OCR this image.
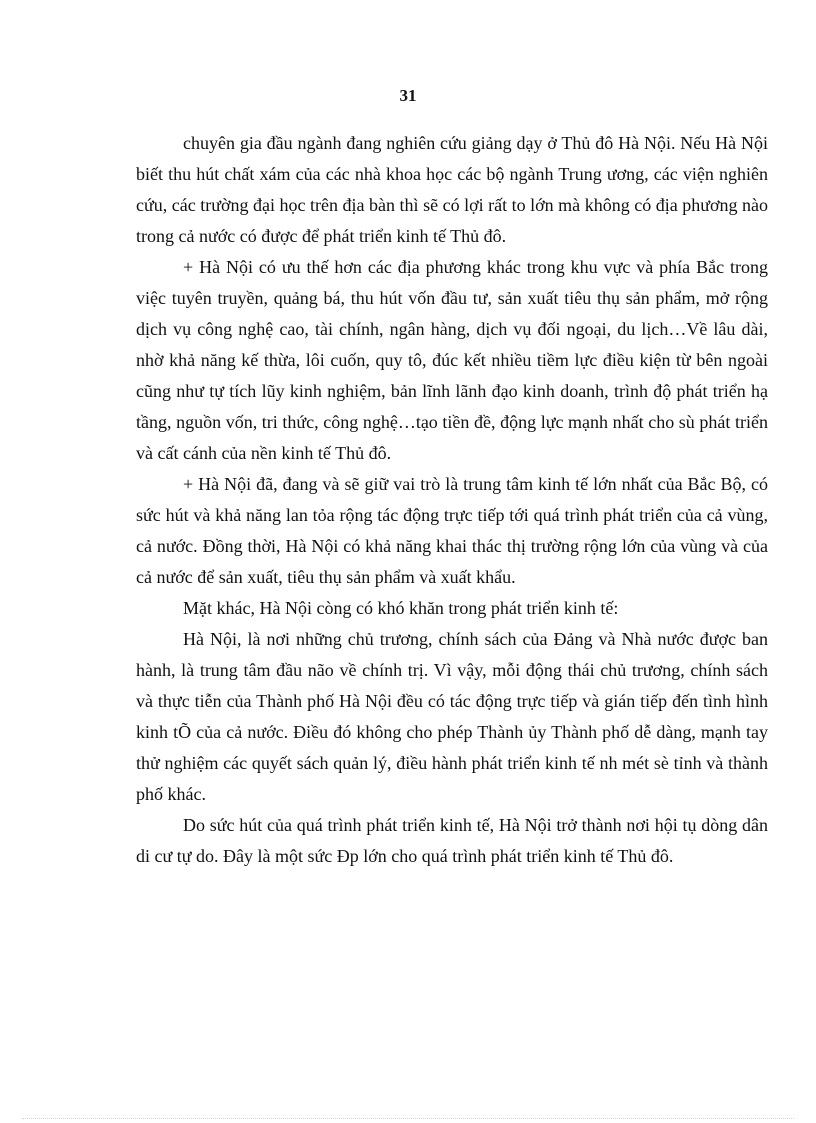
31

chuyên gia đầu ngành đang nghiên cứu giảng dạy ở Thủ đô Hà Nội. Nếu Hà Nội biết thu hút chất xám của các nhà khoa học các bộ ngành Trung ương, các viện nghiên cứu, các trường đại học trên địa bàn thì sẽ có lợi rất to lớn mà không có địa phương nào trong cả nước có được để phát triển kinh tế Thủ đô.

+ Hà Nội có ưu thế hơn các địa phương khác trong khu vực và phía Bắc trong việc tuyên truyền, quảng bá, thu hút vốn đầu tư, sản xuất tiêu thụ sản phẩm, mở rộng dịch vụ công nghệ cao, tài chính, ngân hàng, dịch vụ đối ngoại, du lịch…Về lâu dài, nhờ khả năng kế thừa, lôi cuốn, quy tô, đúc kết nhiều tiềm lực điều kiện từ bên ngoài cũng như tự tích lũy kinh nghiệm, bản lĩnh lãnh đạo kinh doanh, trình độ phát triển hạ tầng, nguồn vốn, tri thức, công nghệ…tạo tiền đề, động lực mạnh nhất cho sù phát triển và cất cánh của nền kinh tế Thủ đô.

+ Hà Nội đã, đang và sẽ giữ vai trò là trung tâm kinh tế lớn nhất của Bắc Bộ, có sức hút và khả năng lan tỏa rộng tác động trực tiếp tới quá trình phát triển của cả vùng, cả nước. Đồng thời, Hà Nội có khả năng khai thác thị trường rộng lớn của vùng và của cả nước để sản xuất, tiêu thụ sản phẩm và xuất khẩu.

Mặt khác, Hà Nội còng có khó khăn trong phát triển kinh tế:

Hà Nội, là nơi những chủ trương, chính sách của Đảng và Nhà nước được ban hành, là trung tâm đầu não về chính trị. Vì vậy, mỗi động thái chủ trương, chính sách và thực tiễn của Thành phố Hà Nội đều có tác động trực tiếp và gián tiếp đến tình hình kinh tÕ của cả nước. Điều đó không cho phép Thành ủy Thành phố dễ dàng, mạnh tay thử nghiệm các quyết sách quản lý, điều hành phát triển kinh tế nh mét sè tỉnh và thành phố khác.

Do sức hút của quá trình phát triển kinh tế, Hà Nội trở thành nơi hội tụ dòng dân di cư tự do. Đây là một sức Ðp lớn cho quá trình phát triển kinh tế Thủ đô.
